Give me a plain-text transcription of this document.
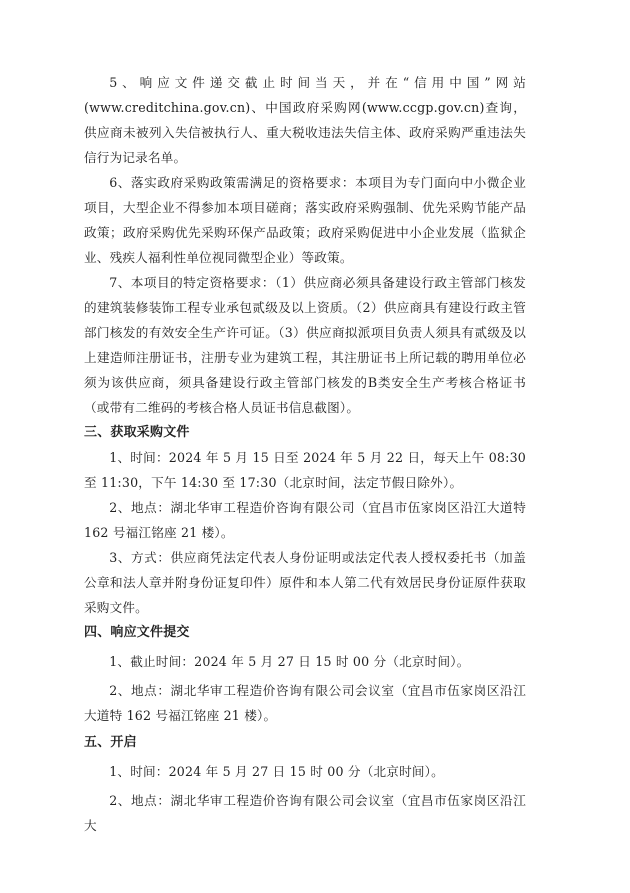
5、响应文件递交截止时间当天，并在“信用中国”网站(www.creditchina.gov.cn)、中国政府采购网(www.ccgp.gov.cn)查询，供应商未被列入失信被执行人、重大税收违法失信主体、政府采购严重违法失信行为记录名单。

6、落实政府采购政策需满足的资格要求：本项目为专门面向中小微企业项目，大型企业不得参加本项目磋商；落实政府采购强制、优先采购节能产品政策；政府采购优先采购环保产品政策；政府采购促进中小企业发展（监狱企业、残疾人福利性单位视同微型企业）等政策。

7、本项目的特定资格要求：（1）供应商必须具备建设行政主管部门核发的建筑装修装饰工程专业承包贰级及以上资质。（2）供应商具有建设行政主管部门核发的有效安全生产许可证。（3）供应商拟派项目负责人须具有贰级及以上建造师注册证书，注册专业为建筑工程，其注册证书上所记载的聘用单位必须为该供应商，须具备建设行政主管部门核发的B类安全生产考核合格证书（或带有二维码的考核合格人员证书信息截图）。

三、获取采购文件

1、时间：2024 年 5 月 15 日至 2024 年 5 月 22 日，每天上午 08:30 至 11:30，下午 14:30 至 17:30（北京时间，法定节假日除外）。

2、地点：湖北华审工程造价咨询有限公司（宜昌市伍家岗区沿江大道特 162 号福江铭座 21 楼）。

3、方式：供应商凭法定代表人身份证明或法定代表人授权委托书（加盖公章和法人章并附身份证复印件）原件和本人第二代有效居民身份证原件获取采购文件。

四、响应文件提交

1、截止时间：2024 年 5 月 27 日 15 时 00 分（北京时间）。

2、地点：湖北华审工程造价咨询有限公司会议室（宜昌市伍家岗区沿江大道特 162 号福江铭座 21 楼）。

五、开启

1、时间：2024 年 5 月 27 日 15 时 00 分（北京时间）。

2、地点：湖北华审工程造价咨询有限公司会议室（宜昌市伍家岗区沿江大
